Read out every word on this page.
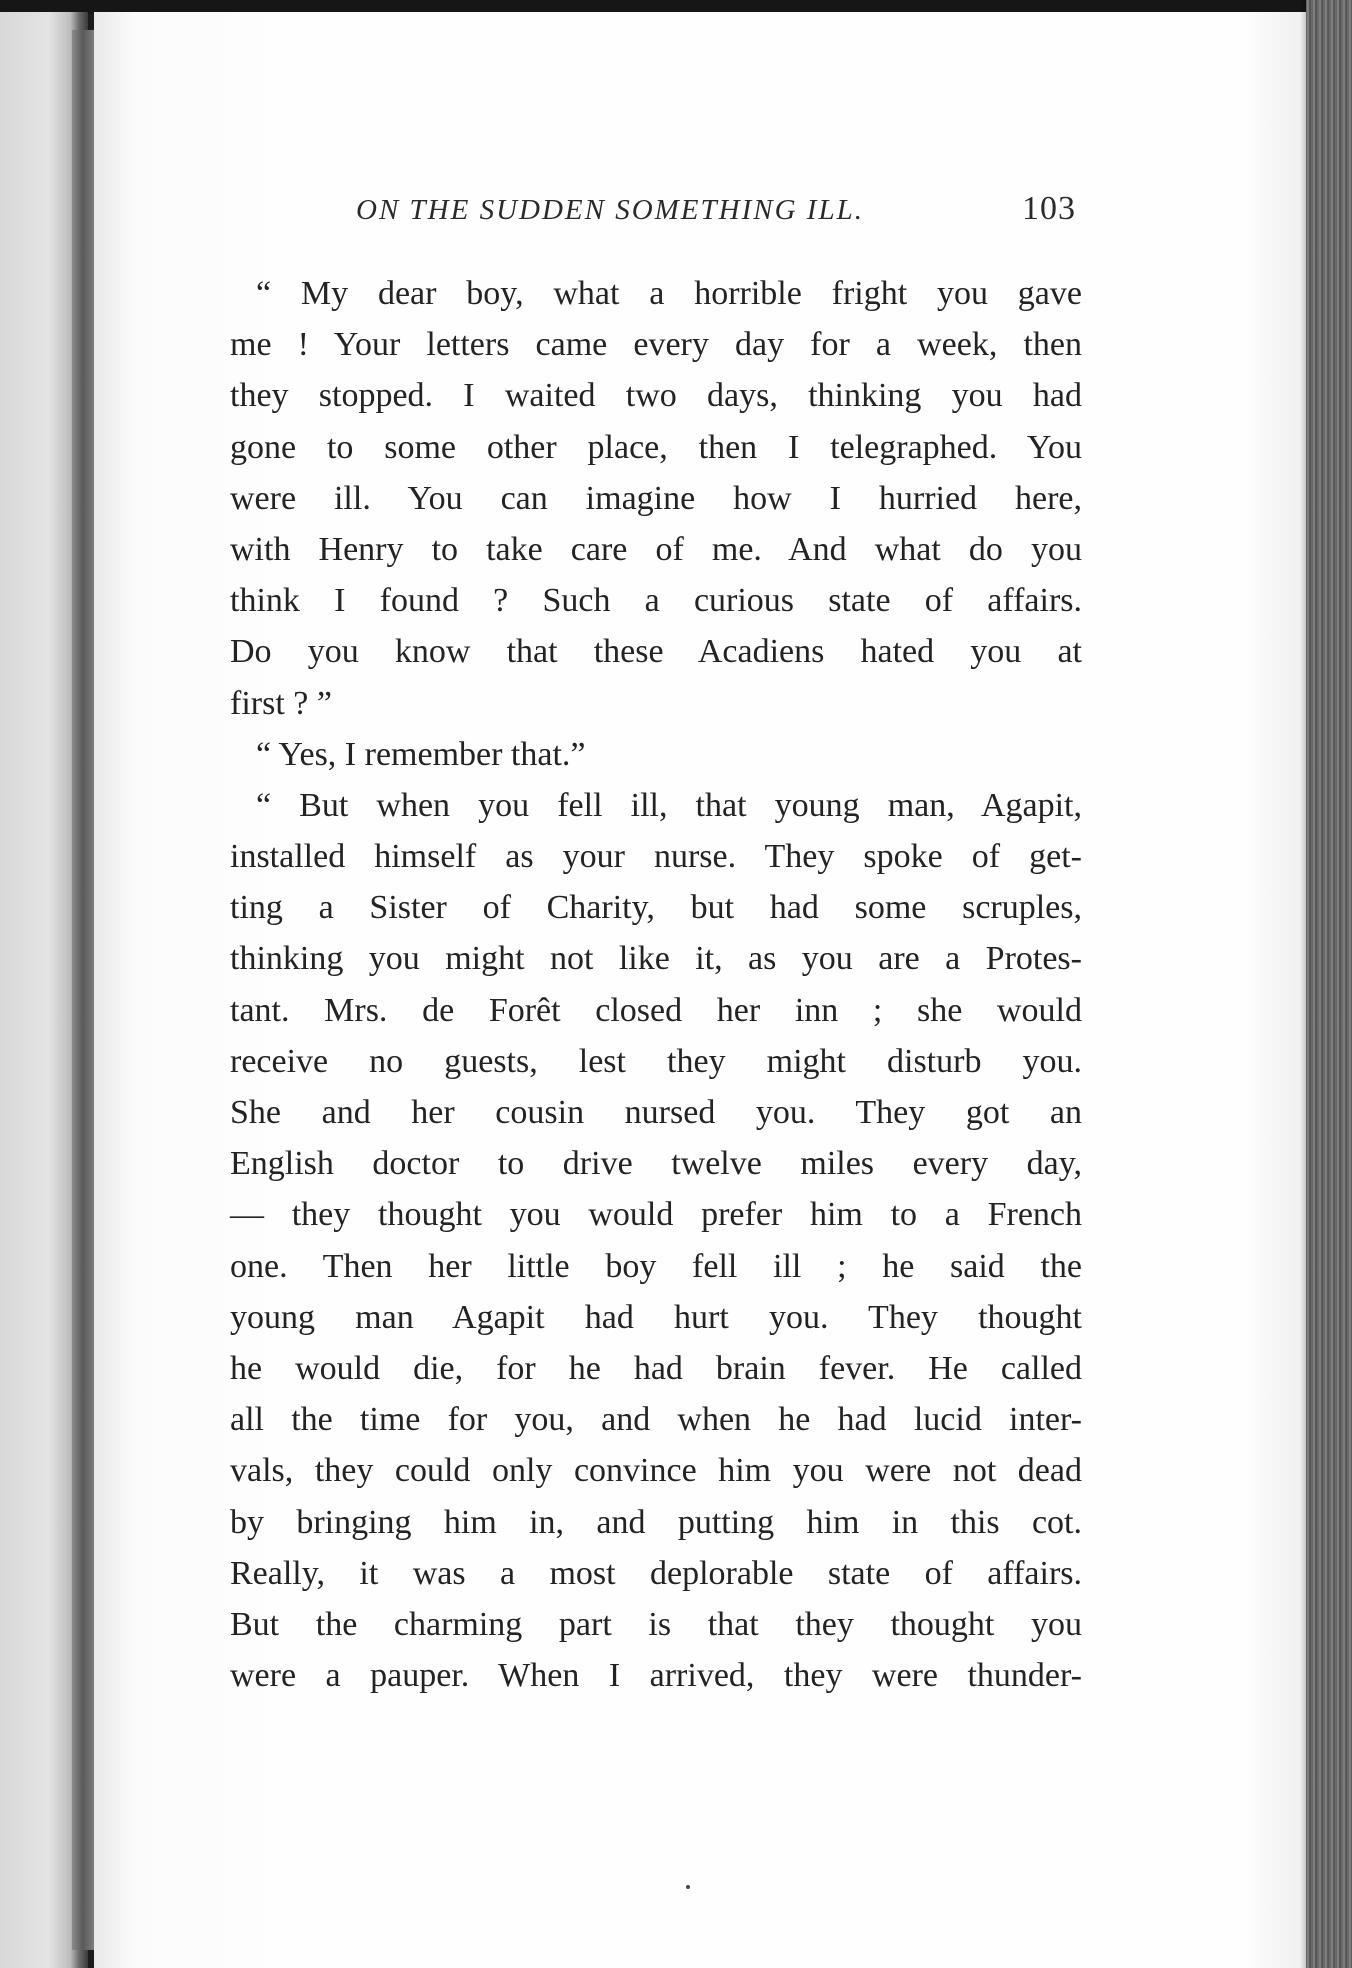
ON THE SUDDEN SOMETHING ILL.	103
“ My dear boy, what a horrible fright you gave
me ! Your letters came every day for a week, then
they stopped. I waited two days, thinking you had
gone to some other place, then I telegraphed. You
were ill. You can imagine how I hurried here,
with Henry to take care of me. And what do you
think I found ? Such a curious state of affairs.
Do you know that these Acadiens hated you at
first ? ”
“ Yes, I remember that.”
“ But when you fell ill, that young man, Agapit,
installed himself as your nurse. They spoke of get-
ting a Sister of Charity, but had some scruples,
thinking you might not like it, as you are a Protes-
tant. Mrs. de Forêt closed her inn ; she would
receive no guests, lest they might disturb you.
She and her cousin nursed you. They got an
English doctor to drive twelve miles every day,
— they thought you would prefer him to a French
one. Then her little boy fell ill ; he said the
young man Agapit had hurt you. They thought
he would die, for he had brain fever. He called
all the time for you, and when he had lucid inter-
vals, they could only convince him you were not dead
by bringing him in, and putting him in this cot.
Really, it was a most deplorable state of affairs.
But the charming part is that they thought you
were a pauper. When I arrived, they were thunder-
